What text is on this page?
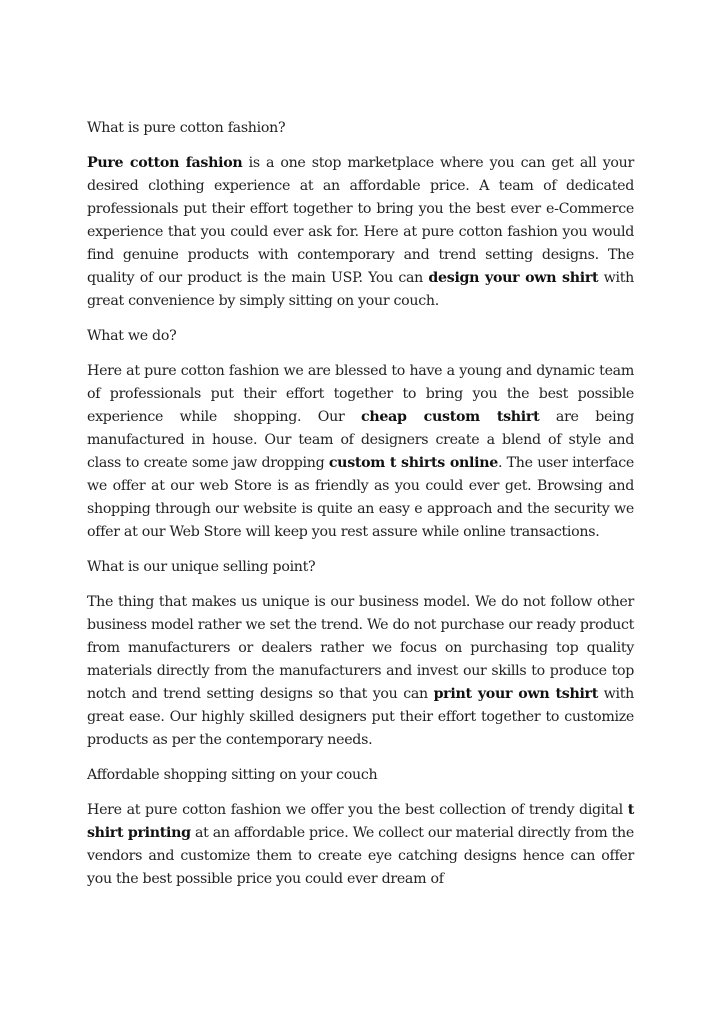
What is pure cotton fashion?

Pure cotton fashion is a one stop marketplace where you can get all your desired clothing experience at an affordable price. A team of dedicated professionals put their effort together to bring you the best ever e-Commerce experience that you could ever ask for. Here at pure cotton fashion you would find genuine products with contemporary and trend setting designs. The quality of our product is the main USP. You can design your own shirt with great convenience by simply sitting on your couch.

What we do?

Here at pure cotton fashion we are blessed to have a young and dynamic team of professionals put their effort together to bring you the best possible experience while shopping. Our cheap custom tshirt are being manufactured in house. Our team of designers create a blend of style and class to create some jaw dropping custom t shirts online. The user interface we offer at our web Store is as friendly as you could ever get. Browsing and shopping through our website is quite an easy e approach and the security we offer at our Web Store will keep you rest assure while online transactions.

What is our unique selling point?

The thing that makes us unique is our business model. We do not follow other business model rather we set the trend. We do not purchase our ready product from manufacturers or dealers rather we focus on purchasing top quality materials directly from the manufacturers and invest our skills to produce top notch and trend setting designs so that you can print your own tshirt with great ease. Our highly skilled designers put their effort together to customize products as per the contemporary needs.

Affordable shopping sitting on your couch

Here at pure cotton fashion we offer you the best collection of trendy digital t shirt printing at an affordable price. We collect our material directly from the vendors and customize them to create eye catching designs hence can offer you the best possible price you could ever dream of
